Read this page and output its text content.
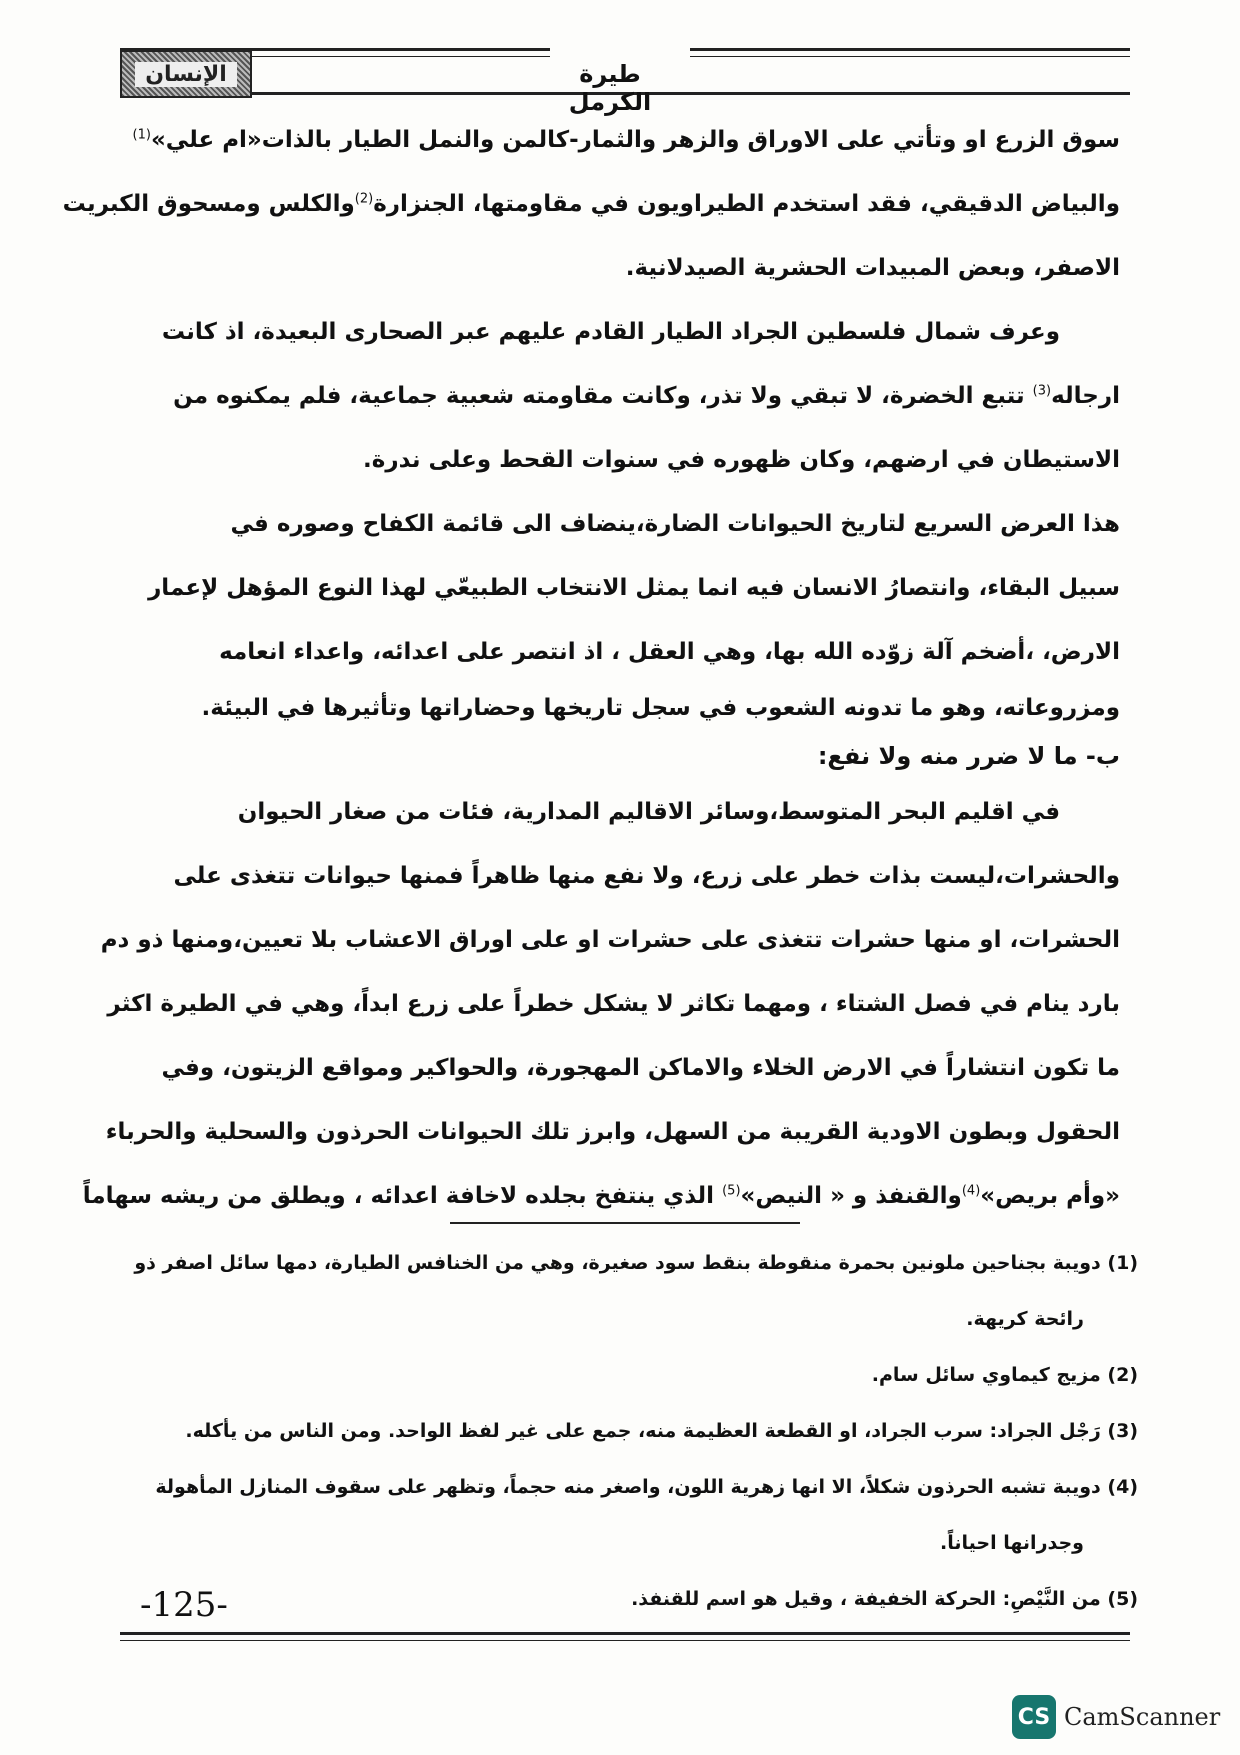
الإنسان	طيرة الكرمل
سوق الزرع او وتأتي على الاوراق والزهر والثمار-كالمن والنمل الطيار بالذات«ام علي»$^{(1)}$
والبياض الدقيقي، فقد استخدم الطيراويون في مقاومتها، الجنزارة$^{(2)}$والكلس ومسحوق الكبريت
الاصفر، وبعض المبيدات الحشرية الصيدلانية.
وعرف شمال فلسطين الجراد الطيار القادم عليهم عبر الصحارى البعيدة، اذ كانت
ارجاله$^{(3)}$ تتبع الخضرة، لا تبقي ولا تذر، وكانت مقاومته شعبية جماعية، فلم يمكنوه من
الاستيطان في ارضهم، وكان ظهوره في سنوات القحط وعلى ندرة.
هذا العرض السريع لتاريخ الحيوانات الضارة،ينضاف الى قائمة الكفاح وصوره في
سبيل البقاء، وانتصارُ الانسان فيه انما يمثل الانتخاب الطبيعّي لهذا النوع المؤهل لإعمار
الارض، ،أضخم آلة زوّده الله بها، وهي العقل ، اذ انتصر على اعدائه، واعداء انعامه
ومزروعاته، وهو ما تدونه الشعوب في سجل تاريخها وحضاراتها وتأثيرها في البيئة.
ب- ما لا ضرر منه ولا نفع:
في اقليم البحر المتوسط،وسائر الاقاليم المدارية، فئات من صغار الحيوان
والحشرات،ليست بذات خطر على زرع، ولا نفع منها ظاهراً فمنها حيوانات تتغذى على
الحشرات، او منها حشرات تتغذى على حشرات او على اوراق الاعشاب بلا تعيين،ومنها ذو دم
بارد ينام في فصل الشتاء ، ومهما تكاثر لا يشكل خطراً على زرع ابداً، وهي في الطيرة اكثر
ما تكون انتشاراً في الارض الخلاء والاماكن المهجورة، والحواكير ومواقع الزيتون، وفي
الحقول وبطون الاودية القريبة من السهل، وابرز تلك الحيوانات الحرذون والسحلية والحرباء
«وأم بريص»$^{(4)}$والقنفذ و « النيص»$^{(5)}$ الذي ينتفخ بجلده لاخافة اعدائه ، ويطلق من ريشه سهاماً
(1) دويبة بجناحين ملونين بحمرة منقوطة بنقط سود صغيرة، وهي من الخنافس الطيارة، دمها سائل اصفر ذو
رائحة كريهة.
(2) مزيج كيماوي سائل سام.
(3) رَجْل الجراد: سرب الجراد، او القطعة العظيمة منه، جمع على غير لفظ الواحد. ومن الناس من يأكله.
(4) دويبة تشبه الحرذون شكلاً، الا انها زهرية اللون، واصغر منه حجماً، وتظهر على سقوف المنازل المأهولة
وجدرانها احياناً.
(5) من النَّيْصِ: الحركة الخفيفة ، وقيل هو اسم للقنفذ.
-125-
CS CamScanner
